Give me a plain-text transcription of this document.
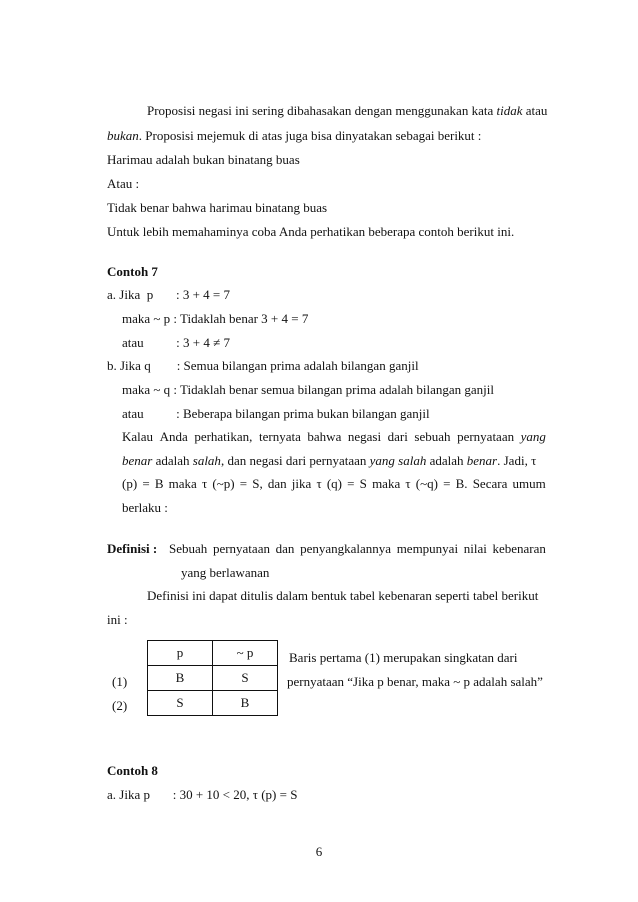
Proposisi negasi ini sering dibahasakan dengan menggunakan kata tidak atau
bukan. Proposisi mejemuk di atas juga bisa dinyatakan sebagai berikut :
Harimau adalah bukan binatang buas
Atau :
Tidak benar bahwa harimau binatang buas
Untuk lebih memahaminya coba Anda perhatikan beberapa contoh berikut ini.
Contoh 7
a. Jika  p       : 3 + 4 = 7
maka ~ p : Tidaklah benar 3 + 4 = 7
atau          : 3 + 4 ≠ 7
b. Jika q        : Semua bilangan prima adalah bilangan ganjil
maka ~ q : Tidaklah benar semua bilangan prima adalah bilangan ganjil
atau          : Beberapa bilangan prima bukan bilangan ganjil
Kalau Anda perhatikan, ternyata bahwa negasi dari sebuah pernyataan yang
benar adalah salah, dan negasi dari pernyataan yang salah adalah benar. Jadi, τ
(p) = B maka τ (~p) = S, dan jika τ (q) = S maka τ (~q) = B. Secara umum
berlaku :
Definisi : Sebuah pernyataan dan penyangkalannya mempunyai nilai kebenaran
yang berlawanan
Definisi ini dapat ditulis dalam bentuk tabel kebenaran seperti tabel berikut
ini :
p	~ p
B	S
S	B
(1)
(2)
Baris pertama (1) merupakan singkatan dari
pernyataan “Jika p benar, maka ~ p adalah salah”
Contoh 8
a. Jika p       : 30 + 10 < 20, τ (p) = S
6
